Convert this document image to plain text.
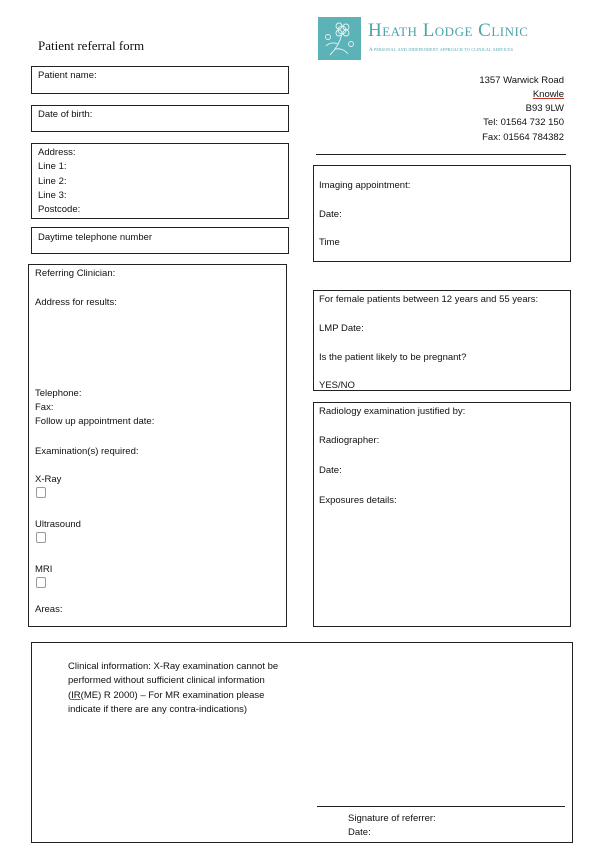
Patient referral form
Heath Lodge Clinic
A personal and independent approach to clinical services
1357 Warwick Road
Knowle
B93 9LW
Tel: 01564 732 150
Fax: 01564 784382
Patient name:
Date of birth:
Address:
Line 1:
Line 2:
Line 3:
Postcode:
Daytime telephone number
Referring Clinician:
Address for results:
Telephone:
Fax:
Follow up appointment date:
Examination(s) required:
X-Ray
Ultrasound
MRI
Areas:
Imaging appointment:
Date:
Time
For female patients between 12 years and 55 years:
LMP Date:
Is the patient likely to be pregnant?
YES/NO
Radiology examination justified by:
Radiographer:
Date:
Exposures details:
Clinical information: X-Ray examination cannot be performed without sufficient clinical information (IR(ME) R 2000) – For MR examination please indicate if there are any contra-indications)
Signature of referrer:
Date:
